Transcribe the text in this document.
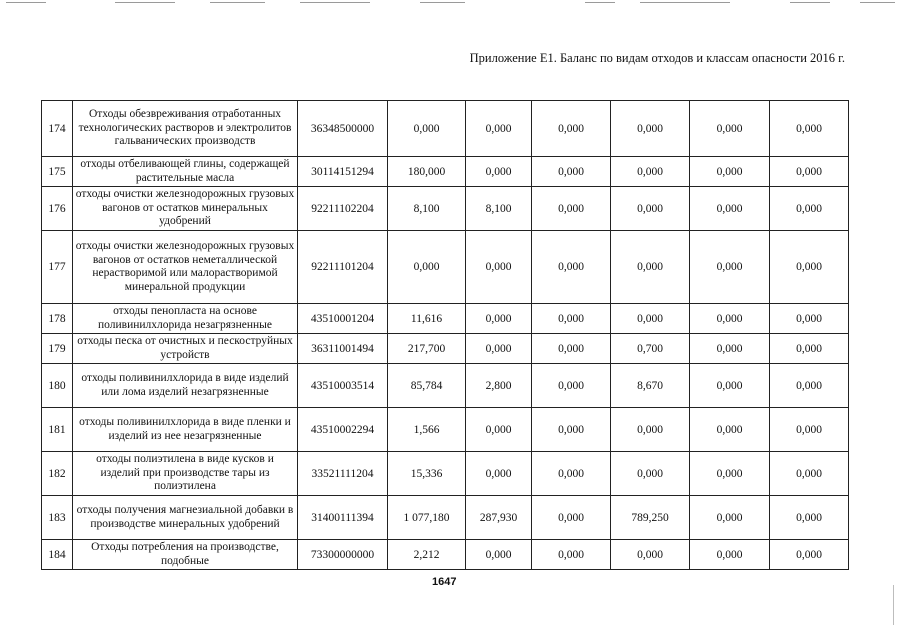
Приложение Е1. Баланс по видам отходов и классам опасности 2016 г.
174	Отходы обезвреживания отработанных технологических растворов и электролитов гальванических производств	36348500000	0,000	0,000	0,000	0,000	0,000	0,000
175	отходы отбеливающей глины, содержащей растительные масла	30114151294	180,000	0,000	0,000	0,000	0,000	0,000
176	отходы очистки железнодорожных грузовых вагонов от остатков минеральных удобрений	92211102204	8,100	8,100	0,000	0,000	0,000	0,000
177	отходы очистки железнодорожных грузовых вагонов от остатков неметаллической нерастворимой или малорастворимой минеральной продукции	92211101204	0,000	0,000	0,000	0,000	0,000	0,000
178	отходы пенопласта на основе поливинилхлорида незагрязненные	43510001204	11,616	0,000	0,000	0,000	0,000	0,000
179	отходы песка от очистных и пескоструйных устройств	36311001494	217,700	0,000	0,000	0,700	0,000	0,000
180	отходы поливинилхлорида в виде изделий или лома изделий незагрязненные	43510003514	85,784	2,800	0,000	8,670	0,000	0,000
181	отходы поливинилхлорида в виде пленки и изделий из нее незагрязненные	43510002294	1,566	0,000	0,000	0,000	0,000	0,000
182	отходы полиэтилена в виде кусков и изделий при производстве тары из полиэтилена	33521111204	15,336	0,000	0,000	0,000	0,000	0,000
183	отходы получения магнезиальной добавки в производстве минеральных удобрений	31400111394	1 077,180	287,930	0,000	789,250	0,000	0,000
184	Отходы потребления на производстве, подобные	73300000000	2,212	0,000	0,000	0,000	0,000	0,000
1647
